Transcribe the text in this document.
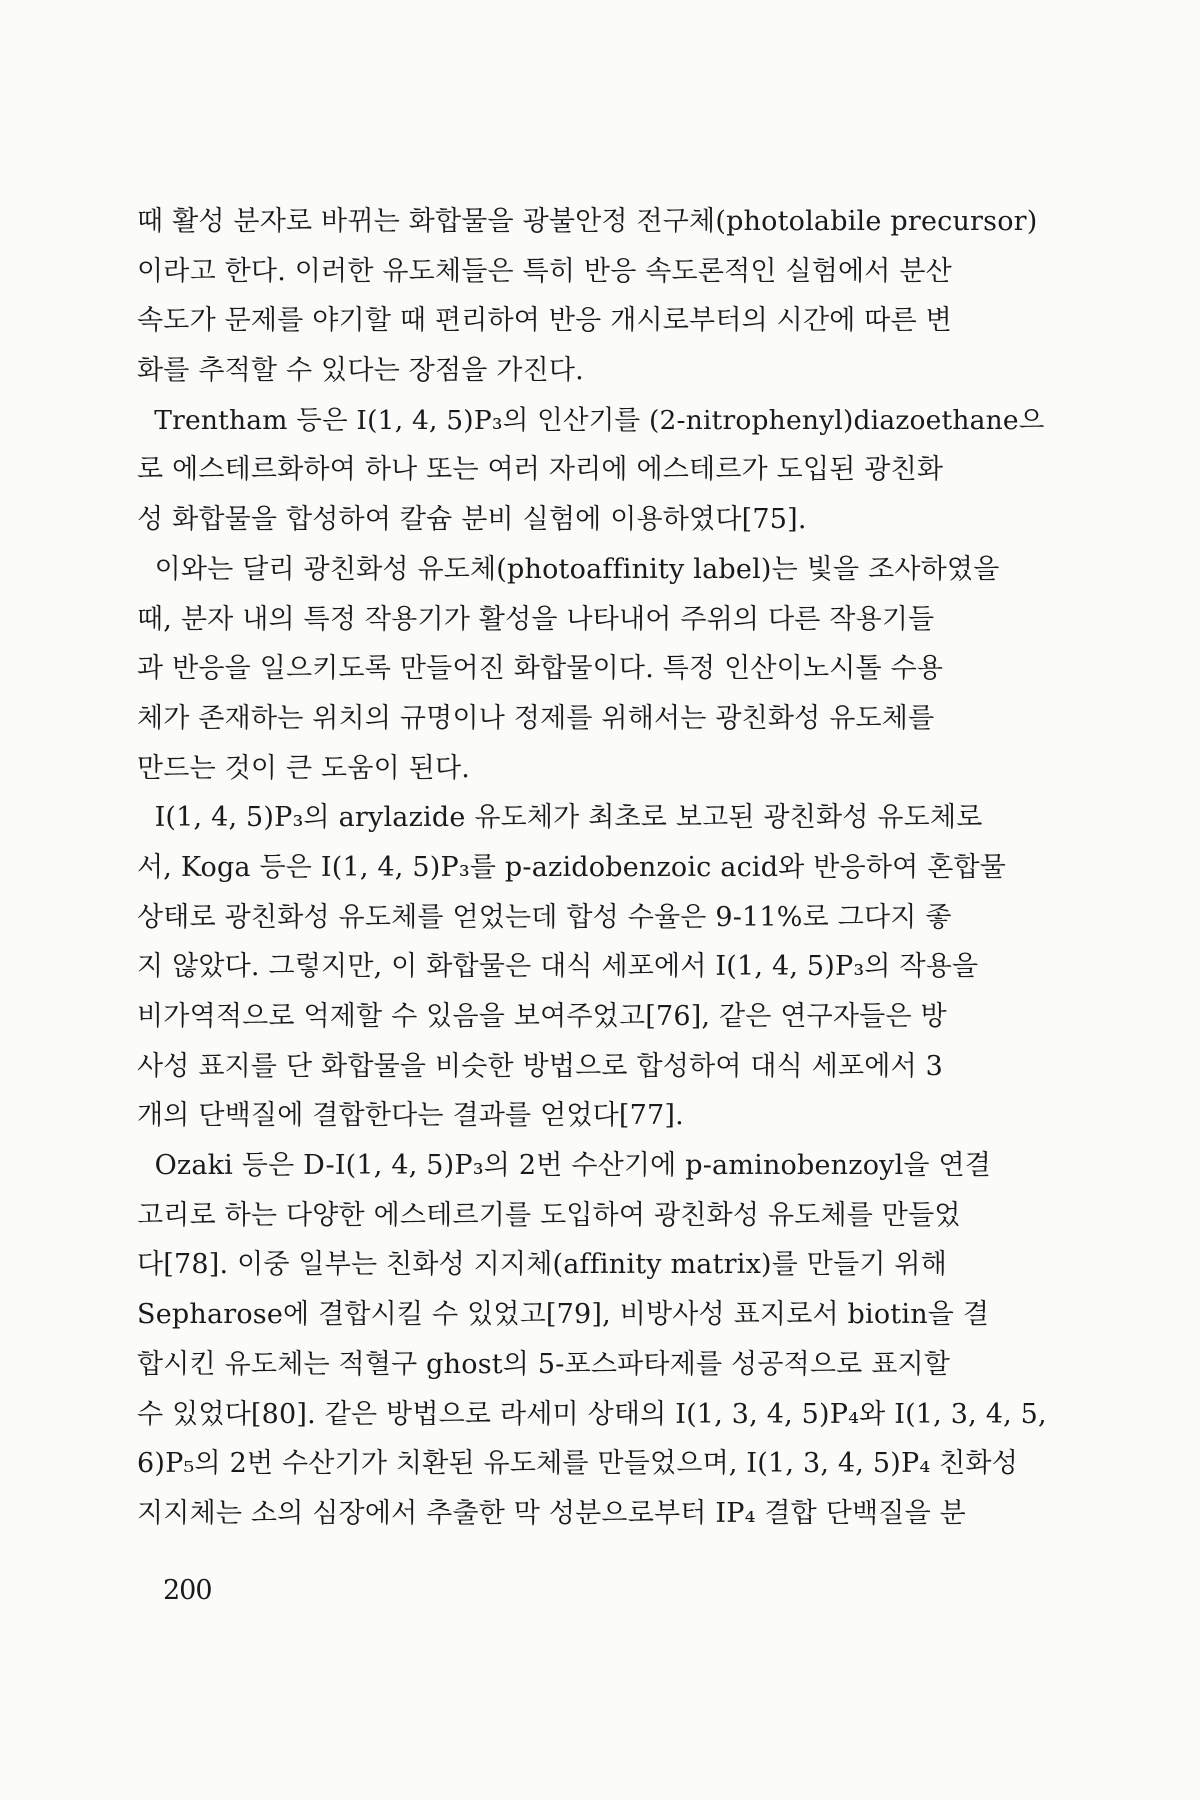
때 활성 분자로 바뀌는 화합물을 광불안정 전구체(photolabile precursor)
이라고 한다. 이러한 유도체들은 특히 반응 속도론적인 실험에서 분산
속도가 문제를 야기할 때 편리하여 반응 개시로부터의 시간에 따른 변
화를 추적할 수 있다는 장점을 가진다.
Trentham 등은 I(1, 4, 5)P₃의 인산기를 (2-nitrophenyl)diazoethane으
로 에스테르화하여 하나 또는 여러 자리에 에스테르가 도입된 광친화
성 화합물을 합성하여 칼슘 분비 실험에 이용하였다[75].
이와는 달리 광친화성 유도체(photoaffinity label)는 빛을 조사하였을
때, 분자 내의 특정 작용기가 활성을 나타내어 주위의 다른 작용기들
과 반응을 일으키도록 만들어진 화합물이다. 특정 인산이노시톨 수용
체가 존재하는 위치의 규명이나 정제를 위해서는 광친화성 유도체를
만드는 것이 큰 도움이 된다.
I(1, 4, 5)P₃의 arylazide 유도체가 최초로 보고된 광친화성 유도체로
서, Koga 등은 I(1, 4, 5)P₃를 p-azidobenzoic acid와 반응하여 혼합물
상태로 광친화성 유도체를 얻었는데 합성 수율은 9-11%로 그다지 좋
지 않았다. 그렇지만, 이 화합물은 대식 세포에서 I(1, 4, 5)P₃의 작용을
비가역적으로 억제할 수 있음을 보여주었고[76], 같은 연구자들은 방
사성 표지를 단 화합물을 비슷한 방법으로 합성하여 대식 세포에서 3
개의 단백질에 결합한다는 결과를 얻었다[77].
Ozaki 등은 D-I(1, 4, 5)P₃의 2번 수산기에 p-aminobenzoyl을 연결
고리로 하는 다양한 에스테르기를 도입하여 광친화성 유도체를 만들었
다[78]. 이중 일부는 친화성 지지체(affinity matrix)를 만들기 위해
Sepharose에 결합시킬 수 있었고[79], 비방사성 표지로서 biotin을 결
합시킨 유도체는 적혈구 ghost의 5-포스파타제를 성공적으로 표지할
수 있었다[80]. 같은 방법으로 라세미 상태의 I(1, 3, 4, 5)P₄와 I(1, 3, 4, 5,
6)P₅의 2번 수산기가 치환된 유도체를 만들었으며, I(1, 3, 4, 5)P₄ 친화성
지지체는 소의 심장에서 추출한 막 성분으로부터 IP₄ 결합 단백질을 분
200
